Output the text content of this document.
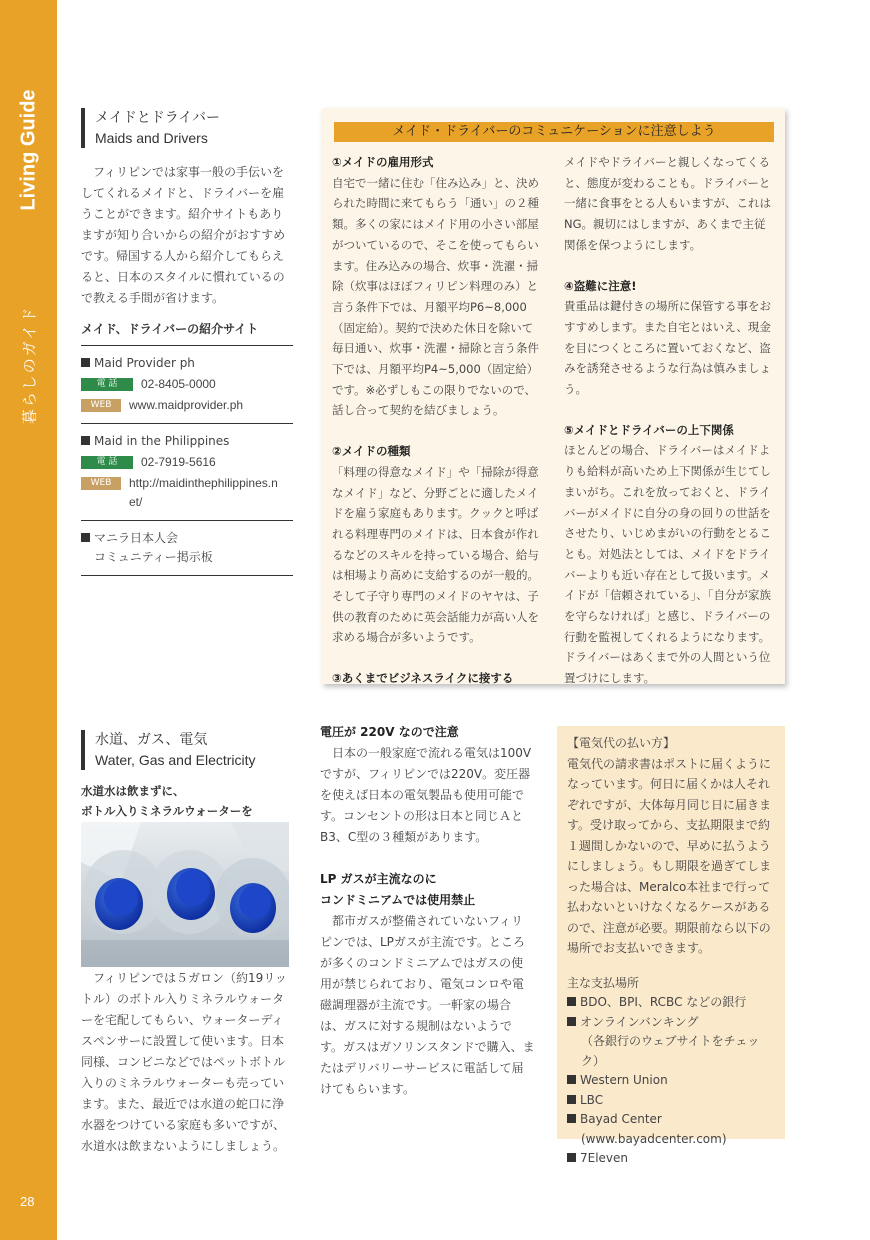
Living Guide
暮らしのガイド
28
メイドとドライバー
Maids and Drivers

フィリピンでは家事一般の手伝いをしてくれるメイドと、ドライバーを雇うことができます。紹介サイトもありますが知り合いからの紹介がおすすめです。帰国する人から紹介してもらえると、日本のスタイルに慣れているので教える手間が省けます。

メイド、ドライバーの紹介サイト
Maid Provider ph
電 話	02-8405-0000
WEB	www.maidprovider.ph
Maid in the Philippines
電 話	02-7919-5616
WEB	http://maidinthephilippines.net/
マニラ日本人会
コミュニティー掲示板
メイド・ドライバーのコミュニケーションに注意しよう
①メイドの雇用形式

自宅で一緒に住む「住み込み」と、決められた時間に来てもらう「通い」の２種類。多くの家にはメイド用の小さい部屋がついているので、そこを使ってもらいます。住み込みの場合、炊事・洗濯・掃除（炊事はほぼフィリピン料理のみ）と言う条件下では、月額平均P6~8,000（固定給）。契約で決めた休日を除いて毎日通い、炊事・洗濯・掃除と言う条件下では、月額平均P4~5,000（固定給）です。※必ずしもこの限りでないので、話し合って契約を結びましょう。

②メイドの種類

「料理の得意なメイド」や「掃除が得意なメイド」など、分野ごとに適したメイドを雇う家庭もあります。クックと呼ばれる料理専門のメイドは、日本食が作れるなどのスキルを持っている場合、給与は相場より高めに支給するのが一般的。そして子守り専門のメイドのヤヤは、子供の教育のために英会話能力が高い人を求める場合が多いようです。

③あくまでビジネスライクに接する

メイドやドライバーと親しくなってくると、態度が変わることも。ドライバーと一緒に食事をとる人もいますが、これはNG。親切にはしますが、あくまで主従関係を保つようにします。

④盗難に注意!

貴重品は鍵付きの場所に保管する事をおすすめします。また自宅とはいえ、現金を目につくところに置いておくなど、盗みを誘発させるような行為は慎みましょう。

⑤メイドとドライバーの上下関係

ほとんどの場合、ドライバーはメイドよりも給料が高いため上下関係が生じてしまいがち。これを放っておくと、ドライバーがメイドに自分の身の回りの世話をさせたり、いじめまがいの行動をとることも。対処法としては、メイドをドライバーよりも近い存在として扱います。メイドが「信頼されている」、「自分が家族を守らなければ」と感じ、ドライバーの行動を監視してくれるようになります。ドライバーはあくまで外の人間という位置づけにします。

水道、ガス、電気
Water, Gas and Electricity
水道水は飲まずに、
ボトル入りミネラルウォーターを

フィリピンでは５ガロン（約19リットル）のボトル入りミネラルウォーターを宅配してもらい、ウォーターディスペンサーに設置して使います。日本同様、コンビニなどではペットボトル入りのミネラルウォーターも売っています。また、最近では水道の蛇口に浄水器をつけている家庭も多いですが、水道水は飲まないようにしましょう。

電圧が 220V なので注意

日本の一般家庭で流れる電気は100Vですが、フィリピンでは220V。変圧器を使えば日本の電気製品も使用可能です。コンセントの形は日本と同じＡとB3、C型の３種類があります。

LP ガスが主流なのに
コンドミニアムでは使用禁止

都市ガスが整備されていないフィリピンでは、LPガスが主流です。ところが多くのコンドミニアムではガスの使用が禁じられており、電気コンロや電磁調理器が主流です。一軒家の場合は、ガスに対する規制はないようです。ガスはガソリンスタンドで購入、またはデリバリーサービスに電話して届けてもらいます。

【電気代の払い方】
電気代の請求書はポストに届くようになっています。何日に届くかは人それぞれですが、大体毎月同じ日に届きます。受け取ってから、支払期限まで約１週間しかないので、早めに払うようにしましょう。もし期限を過ぎてしまった場合は、Meralco本社まで行って払わないといけなくなるケースがあるので、注意が必要。期限前なら以下の場所でお支払いできます。
主な支払場所
BDO、BPI、RCBC などの銀行
オンラインバンキング
（各銀行のウェブサイトをチェック）
Western Union
LBC
Bayad Center
(www.bayadcenter.com)
7Eleven
